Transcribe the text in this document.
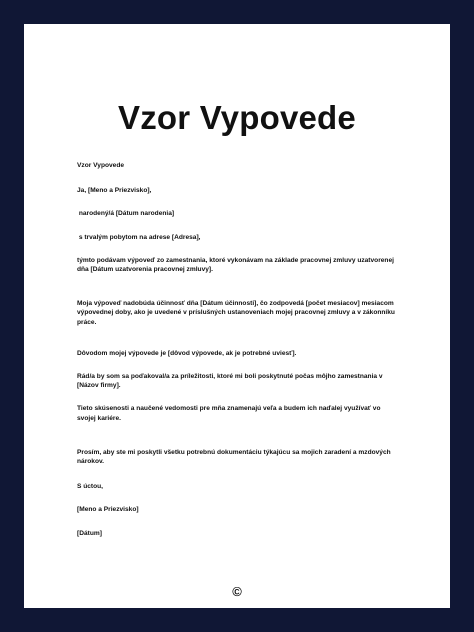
Vzor Vypovede

Vzor Vypovede

Ja, [Meno a Priezvisko],

narodený/á [Dátum narodenia]

s trvalým pobytom na adrese [Adresa],

týmto podávam výpoveď zo zamestnania, ktoré vykonávam na základe pracovnej zmluvy uzatvorenej dňa [Dátum uzatvorenia pracovnej zmluvy].

Moja výpoveď nadobúda účinnosť dňa [Dátum účinnosti], čo zodpovedá [počet mesiacov] mesiacom výpovednej doby, ako je uvedené v príslušných ustanoveniach mojej pracovnej zmluvy a v zákonníku práce.

Dôvodom mojej výpovede je [dôvod výpovede, ak je potrebné uviesť].

Rád/a by som sa poďakoval/a za príležitosti, ktoré mi boli poskytnuté počas môjho zamestnania v [Názov firmy].

Tieto skúsenosti a naučené vedomosti pre mňa znamenajú veľa a budem ich naďalej využívať vo svojej kariére.

Prosím, aby ste mi poskytli všetku potrebnú dokumentáciu týkajúcu sa mojich zaradení a mzdových nárokov.

S úctou,

[Meno a Priezvisko]

[Dátum]

©
